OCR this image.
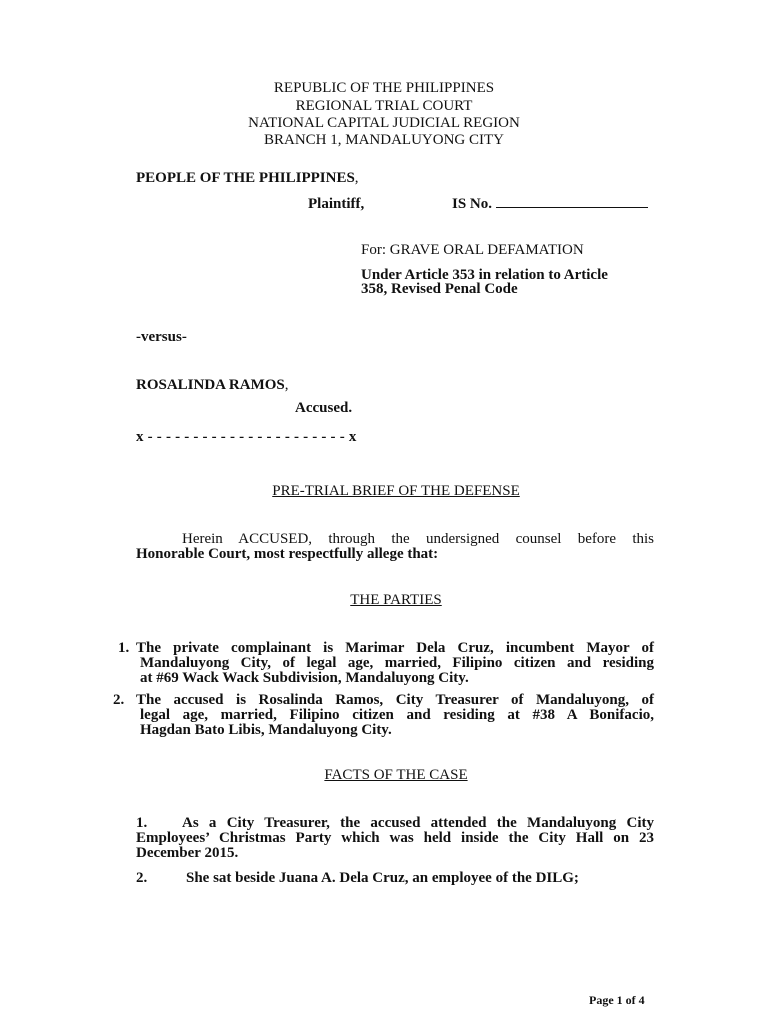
REPUBLIC OF THE PHILIPPINES
REGIONAL TRIAL COURT
NATIONAL CAPITAL JUDICIAL REGION
BRANCH 1, MANDALUYONG CITY
PEOPLE OF THE PHILIPPINES,
Plaintiff,	IS No.
For: GRAVE ORAL DEFAMATION
Under Article 353 in relation to Article
358, Revised Penal Code
-versus-
ROSALINDA RAMOS,
Accused.
x - - - - - - - - - - - - - - - - - - - - - - x
PRE-TRIAL BRIEF OF THE DEFENSE
Herein ACCUSED, through the undersigned counsel before this
Honorable Court, most respectfully allege that:
THE PARTIES
1. The private complainant is Marimar Dela Cruz, incumbent Mayor of
Mandaluyong City, of legal age, married, Filipino citizen and residing
at #69 Wack Wack Subdivision, Mandaluyong City.
2. The accused is Rosalinda Ramos, City Treasurer of Mandaluyong, of
legal age, married, Filipino citizen and residing at #38 A Bonifacio,
Hagdan Bato Libis, Mandaluyong City.
FACTS OF THE CASE
1.	As a City Treasurer, the accused attended the Mandaluyong City
Employees’ Christmas Party which was held inside the City Hall on 23
December 2015.
2.	She sat beside Juana A. Dela Cruz, an employee of the DILG;
Page 1 of 4
